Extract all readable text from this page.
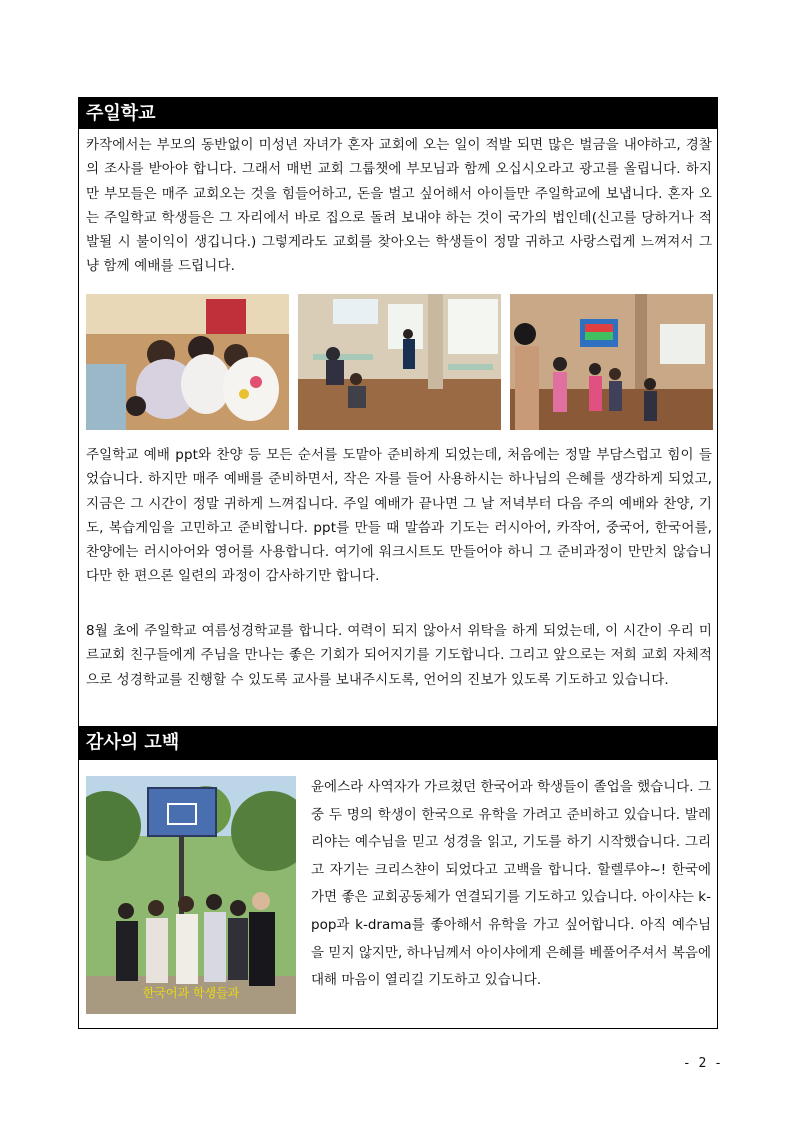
주일학교

카작에서는 부모의 동반없이 미성년 자녀가 혼자 교회에 오는 일이 적발 되면 많은 벌금을 내야하고, 경찰의 조사를 받아야 합니다. 그래서 매번 교회 그룹챗에 부모님과 함께 오십시오라고 광고를 올립니다. 하지만 부모들은 매주 교회오는 것을 힘들어하고, 돈을 벌고 싶어해서 아이들만 주일학교에 보냅니다. 혼자 오는 주일학교 학생들은 그 자리에서 바로 집으로 돌려 보내야 하는 것이 국가의 법인데(신고를 당하거나 적발될 시 불이익이 생깁니다.) 그렇게라도 교회를 찾아오는 학생들이 정말 귀하고 사랑스럽게 느껴져서 그냥 함께 예배를 드립니다.

주일학교 예배 ppt와 찬양 등 모든 순서를 도맡아 준비하게 되었는데, 처음에는 정말 부담스럽고 힘이 들었습니다. 하지만 매주 예배를 준비하면서, 작은 자를 들어 사용하시는 하나님의 은혜를 생각하게 되었고, 지금은 그 시간이 정말 귀하게 느껴집니다. 주일 예배가 끝나면 그 날 저녁부터 다음 주의 예배와 찬양, 기도, 복습게임을 고민하고 준비합니다. ppt를 만들 때 말씀과 기도는 러시아어, 카작어, 중국어, 한국어를, 찬양에는 러시아어와 영어를 사용합니다. 여기에 워크시트도 만들어야 하니 그 준비과정이 만만치 않습니다만 한 편으론 일련의 과정이 감사하기만 합니다.

8월 초에 주일학교 여름성경학교를 합니다. 여력이 되지 않아서 위탁을 하게 되었는데, 이 시간이 우리 미르교회 친구들에게 주님을 만나는 좋은 기회가 되어지기를 기도합니다. 그리고 앞으로는 저희 교회 자체적으로 성경학교를 진행할 수 있도록 교사를 보내주시도록, 언어의 진보가 있도록 기도하고 있습니다.

감사의 고백
한국어과 학생들과

윤에스라 사역자가 가르쳤던 한국어과 학생들이 졸업을 했습니다. 그 중 두 명의 학생이 한국으로 유학을 가려고 준비하고 있습니다. 발레리야는 예수님을 믿고 성경을 읽고, 기도를 하기 시작했습니다. 그리고 자기는 크리스챤이 되었다고 고백을 합니다. 할렐루야~! 한국에 가면 좋은 교회공동체가 연결되기를 기도하고 있습니다. 아이샤는 k-pop과 k-drama를 좋아해서 유학을 가고 싶어합니다. 아직 예수님을 믿지 않지만, 하나님께서 아이샤에게 은혜를 베풀어주셔서 복음에 대해 마음이 열리길 기도하고 있습니다.

- 2 -
